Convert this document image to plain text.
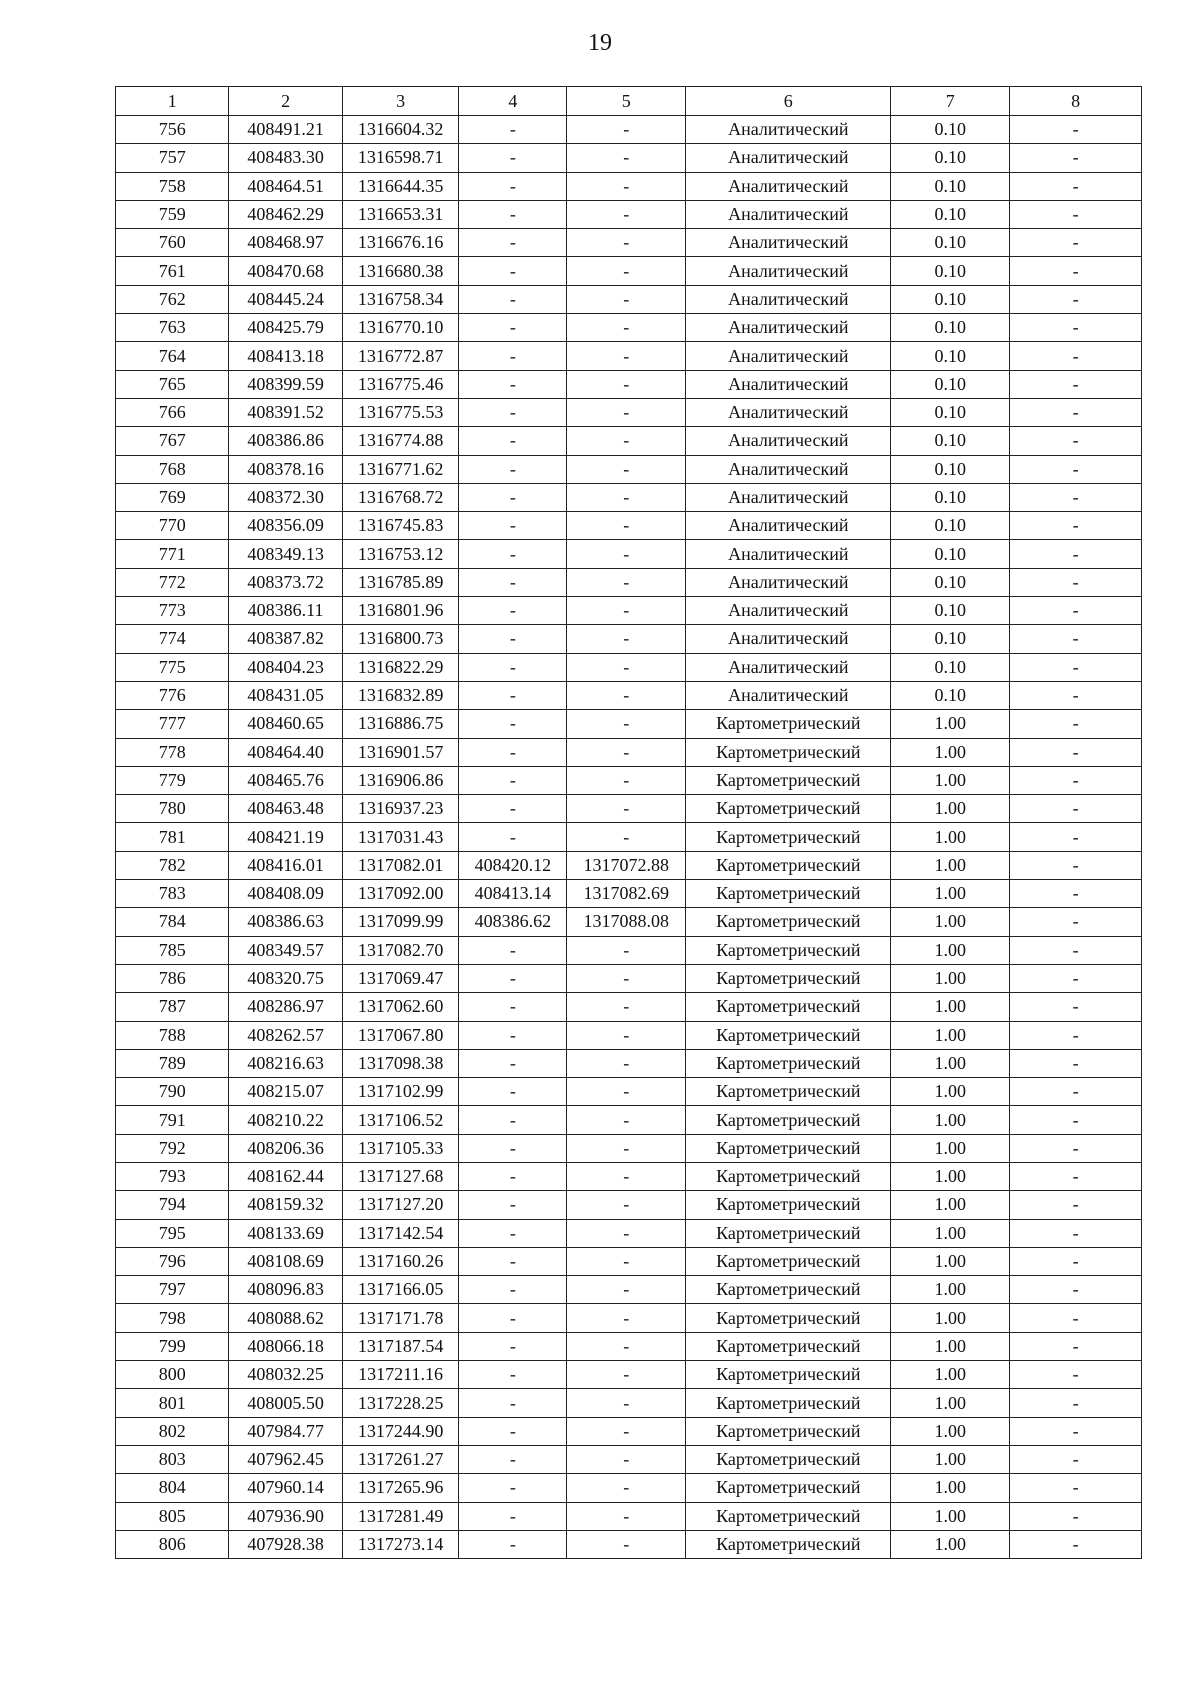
19
1	2	3	4	5	6	7	8
756	408491.21	1316604.32	-	-	Аналитический	0.10	-
757	408483.30	1316598.71	-	-	Аналитический	0.10	-
758	408464.51	1316644.35	-	-	Аналитический	0.10	-
759	408462.29	1316653.31	-	-	Аналитический	0.10	-
760	408468.97	1316676.16	-	-	Аналитический	0.10	-
761	408470.68	1316680.38	-	-	Аналитический	0.10	-
762	408445.24	1316758.34	-	-	Аналитический	0.10	-
763	408425.79	1316770.10	-	-	Аналитический	0.10	-
764	408413.18	1316772.87	-	-	Аналитический	0.10	-
765	408399.59	1316775.46	-	-	Аналитический	0.10	-
766	408391.52	1316775.53	-	-	Аналитический	0.10	-
767	408386.86	1316774.88	-	-	Аналитический	0.10	-
768	408378.16	1316771.62	-	-	Аналитический	0.10	-
769	408372.30	1316768.72	-	-	Аналитический	0.10	-
770	408356.09	1316745.83	-	-	Аналитический	0.10	-
771	408349.13	1316753.12	-	-	Аналитический	0.10	-
772	408373.72	1316785.89	-	-	Аналитический	0.10	-
773	408386.11	1316801.96	-	-	Аналитический	0.10	-
774	408387.82	1316800.73	-	-	Аналитический	0.10	-
775	408404.23	1316822.29	-	-	Аналитический	0.10	-
776	408431.05	1316832.89	-	-	Аналитический	0.10	-
777	408460.65	1316886.75	-	-	Картометрический	1.00	-
778	408464.40	1316901.57	-	-	Картометрический	1.00	-
779	408465.76	1316906.86	-	-	Картометрический	1.00	-
780	408463.48	1316937.23	-	-	Картометрический	1.00	-
781	408421.19	1317031.43	-	-	Картометрический	1.00	-
782	408416.01	1317082.01	408420.12	1317072.88	Картометрический	1.00	-
783	408408.09	1317092.00	408413.14	1317082.69	Картометрический	1.00	-
784	408386.63	1317099.99	408386.62	1317088.08	Картометрический	1.00	-
785	408349.57	1317082.70	-	-	Картометрический	1.00	-
786	408320.75	1317069.47	-	-	Картометрический	1.00	-
787	408286.97	1317062.60	-	-	Картометрический	1.00	-
788	408262.57	1317067.80	-	-	Картометрический	1.00	-
789	408216.63	1317098.38	-	-	Картометрический	1.00	-
790	408215.07	1317102.99	-	-	Картометрический	1.00	-
791	408210.22	1317106.52	-	-	Картометрический	1.00	-
792	408206.36	1317105.33	-	-	Картометрический	1.00	-
793	408162.44	1317127.68	-	-	Картометрический	1.00	-
794	408159.32	1317127.20	-	-	Картометрический	1.00	-
795	408133.69	1317142.54	-	-	Картометрический	1.00	-
796	408108.69	1317160.26	-	-	Картометрический	1.00	-
797	408096.83	1317166.05	-	-	Картометрический	1.00	-
798	408088.62	1317171.78	-	-	Картометрический	1.00	-
799	408066.18	1317187.54	-	-	Картометрический	1.00	-
800	408032.25	1317211.16	-	-	Картометрический	1.00	-
801	408005.50	1317228.25	-	-	Картометрический	1.00	-
802	407984.77	1317244.90	-	-	Картометрический	1.00	-
803	407962.45	1317261.27	-	-	Картометрический	1.00	-
804	407960.14	1317265.96	-	-	Картометрический	1.00	-
805	407936.90	1317281.49	-	-	Картометрический	1.00	-
806	407928.38	1317273.14	-	-	Картометрический	1.00	-
